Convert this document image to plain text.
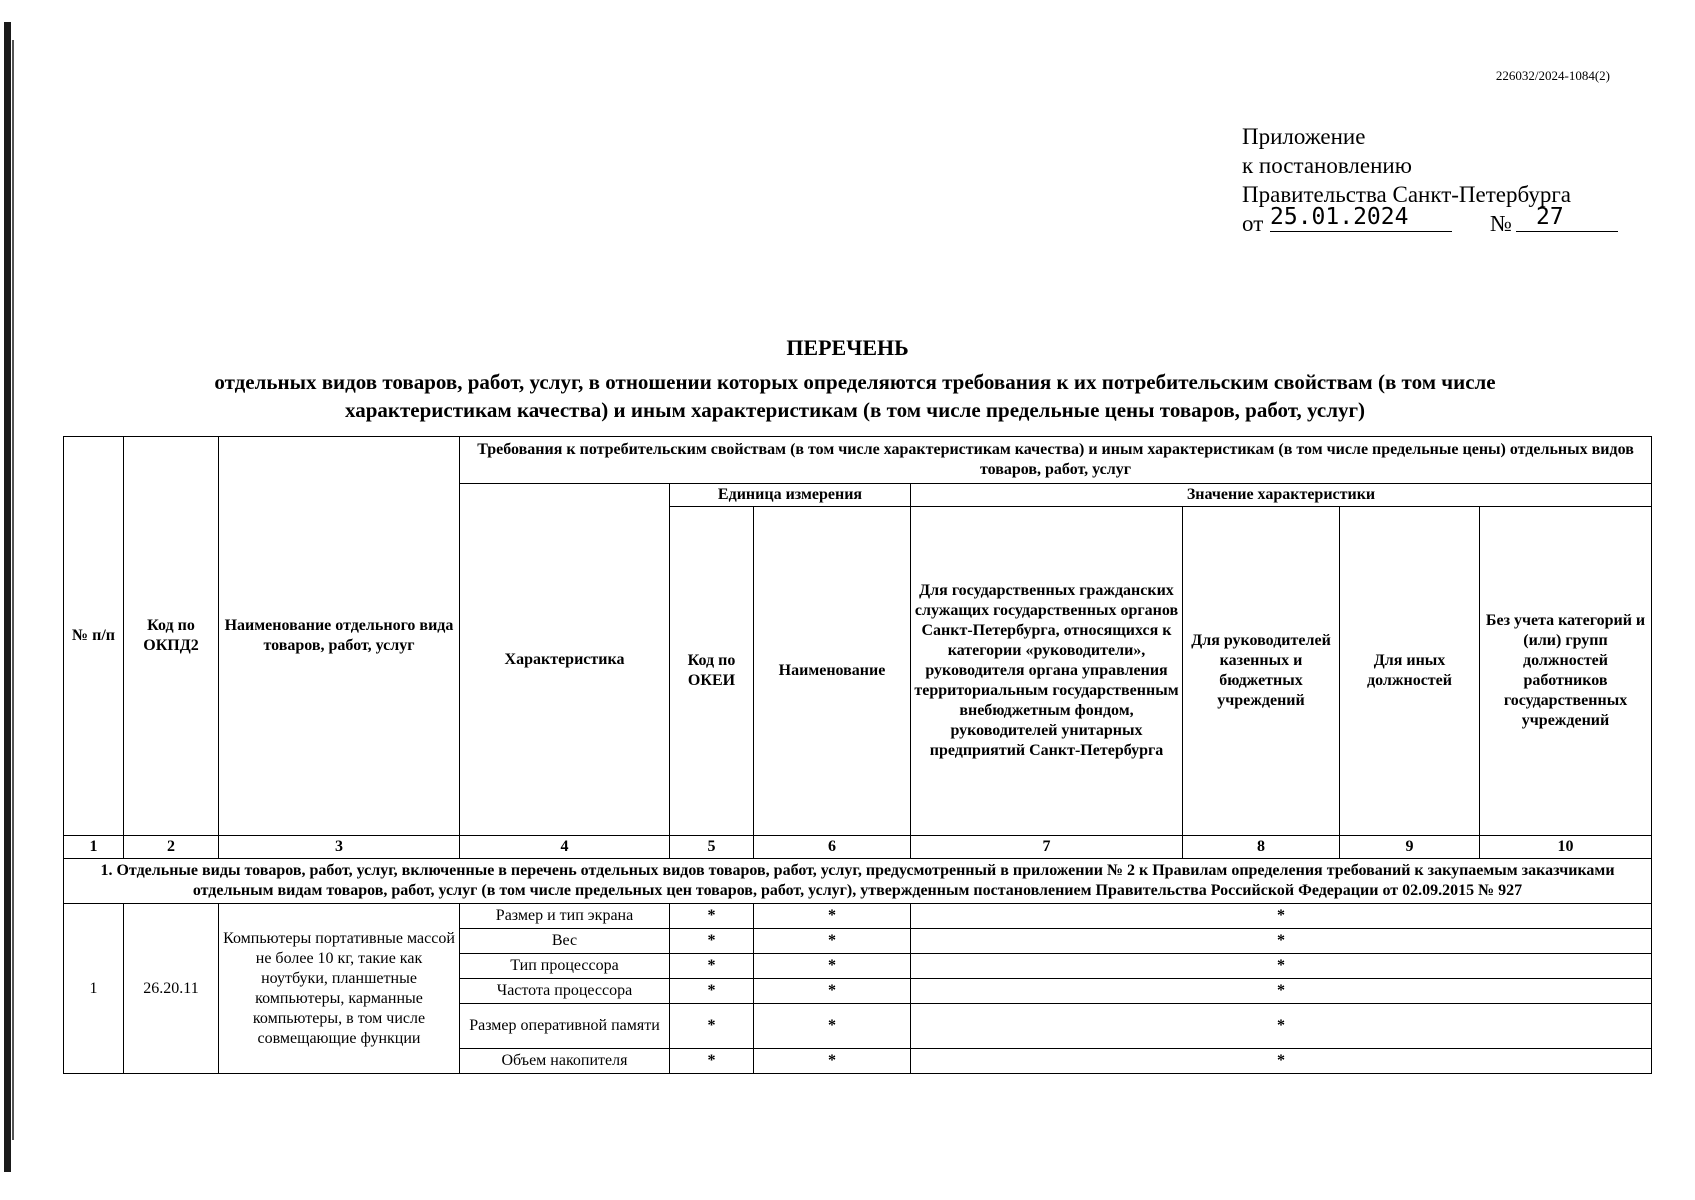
226032/2024-1084(2)
Приложение
к постановлению
Правительства Санкт-Петербурга
от 25.01.2024	№	27
ПЕРЕЧЕНЬ
отдельных видов товаров, работ, услуг, в отношении которых определяются требования к их потребительским свойствам (в том числе характеристикам качества) и иным характеристикам (в том числе предельные цены товаров, работ, услуг)
№ п/п	Код по ОКПД2	Наименование отдельного вида товаров, работ, услуг	Требования к потребительским свойствам (в том числе характеристикам качества) и иным характеристикам (в том числе предельные цены) отдельных видов товаров, работ, услуг						
			Характеристика	Единица измерения		Значение характеристики			
				Код по ОКЕИ	Наименование	Для государственных гражданских служащих государственных органов Санкт-Петербурга, относящихся к категории «руководители», руководителя органа управления территориальным государственным внебюджетным фондом, руководителей унитарных предприятий Санкт-Петербурга	Для руководителей казенных и бюджетных учреждений	Для иных должностей	Без учета категорий и (или) групп должностей работников государственных учреждений

1	2	3	4	5	6	7	8	9	10
1. Отдельные виды товаров, работ, услуг, включенные в перечень отдельных видов товаров, работ, услуг, предусмотренный в приложении № 2 к Правилам определения требований к закупаемым заказчиками отдельным видам товаров, работ, услуг (в том числе предельных цен товаров, работ, услуг), утвержденным постановлением Правительства Российской Федерации от 02.09.2015 № 927									
1	26.20.11	Компьютеры портативные массой не более 10 кг, такие как ноутбуки, планшетные компьютеры, карманные компьютеры, в том числе совмещающие функции	Размер и тип экрана	*	*	*			
			Вес	*	*	*			
			Тип процессора	*	*	*			
			Частота процессора	*	*	*			
			Размер оперативной памяти	*	*	*			
			Объем накопителя	*	*	*			
